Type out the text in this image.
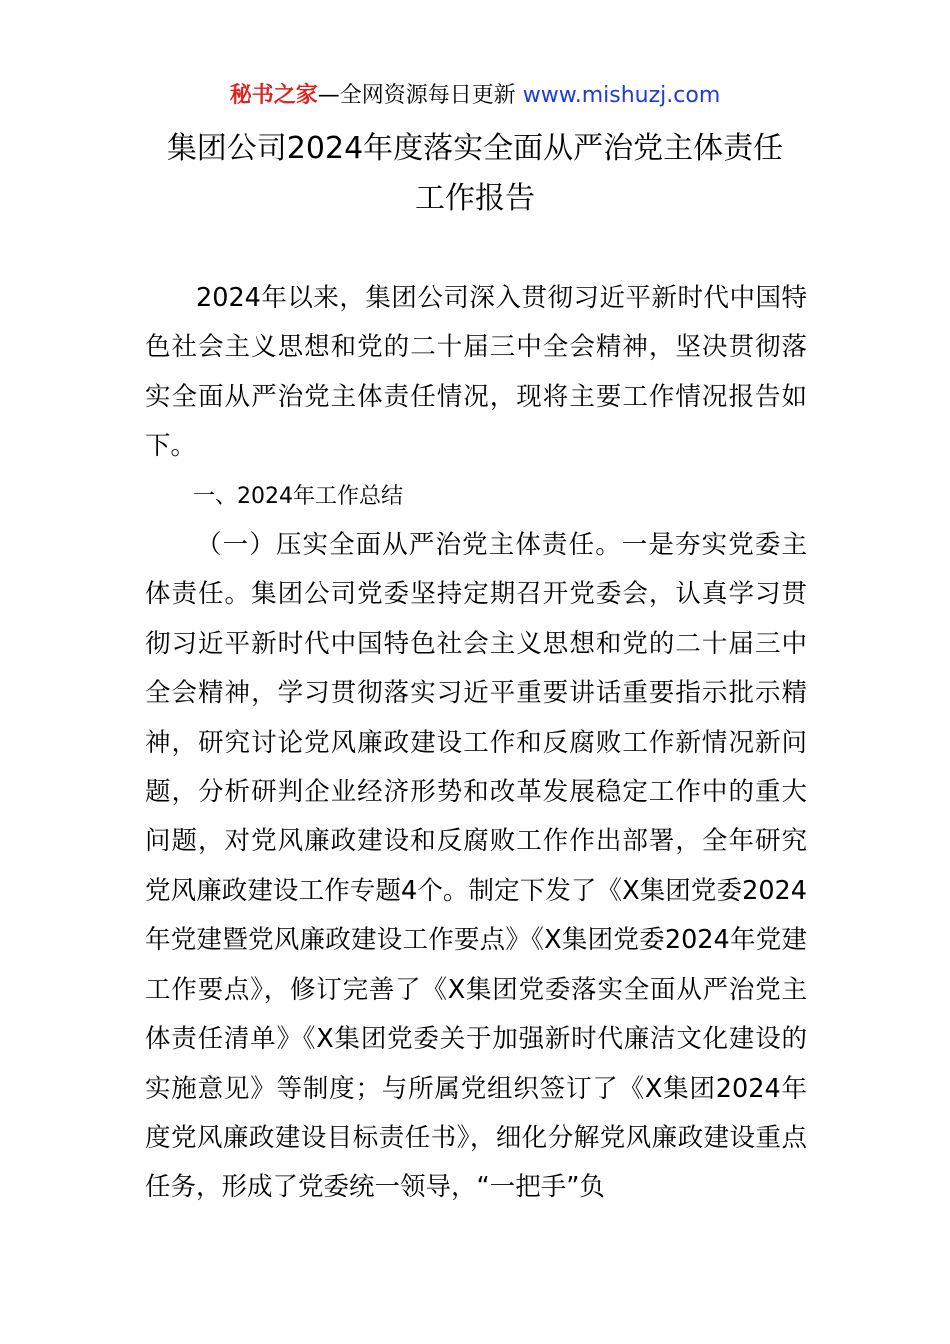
秘书之家—全网资源每日更新 www.mishuzj.com
集团公司2024年度落实全面从严治党主体责任
工作报告

2024年以来，集团公司深入贯彻习近平新时代中国特色社会主义思想和党的二十届三中全会精神，坚决贯彻落实全面从严治党主体责任情况，现将主要工作情况报告如下。

一、2024年工作总结

（一）压实全面从严治党主体责任。一是夯实党委主体责任。集团公司党委坚持定期召开党委会，认真学习贯彻习近平新时代中国特色社会主义思想和党的二十届三中全会精神，学习贯彻落实习近平重要讲话重要指示批示精神，研究讨论党风廉政建设工作和反腐败工作新情况新问题，分析研判企业经济形势和改革发展稳定工作中的重大问题，对党风廉政建设和反腐败工作作出部署，全年研究党风廉政建设工作专题4个。制定下发了《X集团党委2024年党建暨党风廉政建设工作要点》《X集团党委2024年党建工作要点》，修订完善了《X集团党委落实全面从严治党主体责任清单》《X集团党委关于加强新时代廉洁文化建设的实施意见》等制度；与所属党组织签订了《X集团2024年度党风廉政建设目标责任书》，细化分解党风廉政建设重点任务，形成了党委统一领导，“一把手”负
